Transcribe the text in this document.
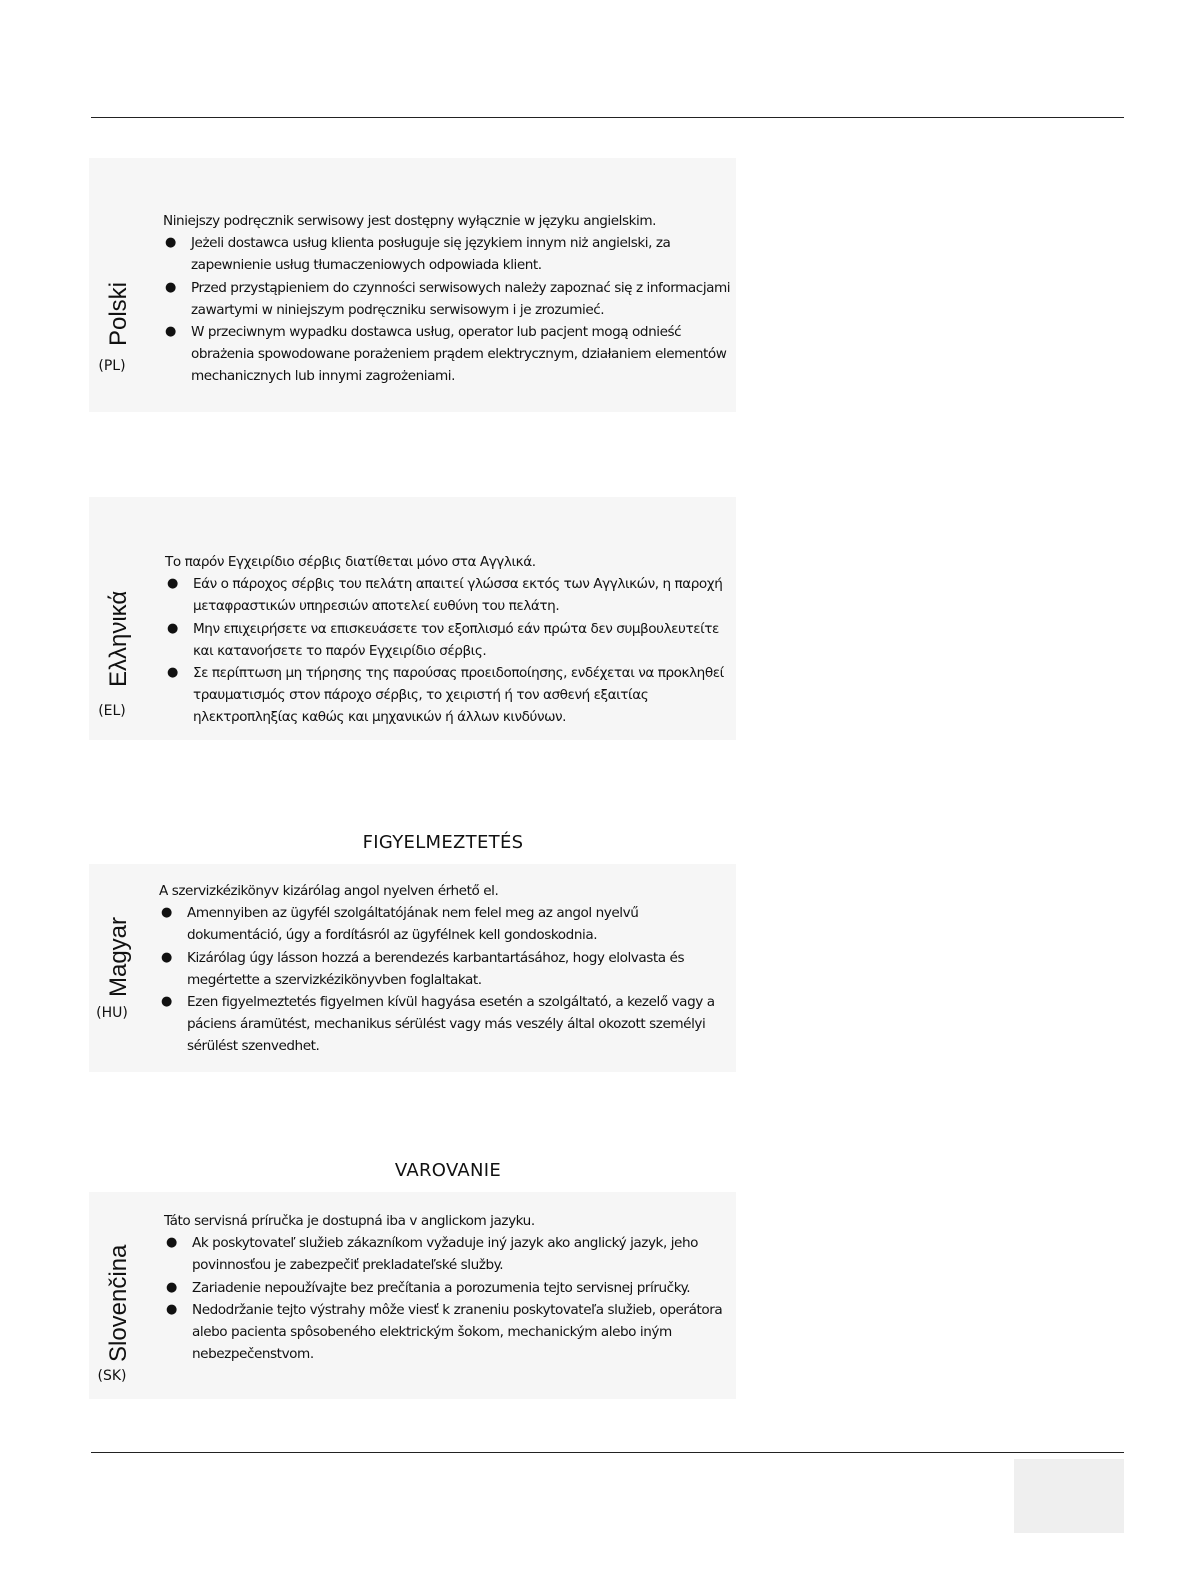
Polski
(PL)

Niniejszy podręcznik serwisowy jest dostępny wyłącznie w języku angielskim.

● Jeżeli dostawca usług klienta posługuje się językiem innym niż angielski, za zapewnienie usług tłumaczeniowych odpowiada klient.
● Przed przystąpieniem do czynności serwisowych należy zapoznać się z informacjami zawartymi w niniejszym podręczniku serwisowym i je zrozumieć.
● W przeciwnym wypadku dostawca usług, operator lub pacjent mogą odnieść obrażenia spowodowane porażeniem prądem elektrycznym, działaniem elementów mechanicznych lub innymi zagrożeniami.
Ελληνικά
(EL)

Το παρόν Εγχειρίδιο σέρβις διατίθεται μόνο στα Αγγλικά.

● Εάν ο πάροχος σέρβις του πελάτη απαιτεί γλώσσα εκτός των Αγγλικών, η παροχή μεταφραστικών υπηρεσιών αποτελεί ευθύνη του πελάτη.
● Μην επιχειρήσετε να επισκευάσετε τον εξοπλισμό εάν πρώτα δεν συμβουλευτείτε και κατανοήσετε το παρόν Εγχειρίδιο σέρβις.
● Σε περίπτωση μη τήρησης της παρούσας προειδοποίησης, ενδέχεται να προκληθεί τραυματισμός στον πάροχο σέρβις, το χειριστή ή τον ασθενή εξαιτίας ηλεκτροπληξίας καθώς και μηχανικών ή άλλων κινδύνων.
FIGYELMEZTETÉS
Magyar
(HU)

A szervizkézikönyv kizárólag angol nyelven érhető el.

● Amennyiben az ügyfél szolgáltatójának nem felel meg az angol nyelvű dokumentáció, úgy a fordításról az ügyfélnek kell gondoskodnia.
● Kizárólag úgy lásson hozzá a berendezés karbantartásához, hogy elolvasta és megértette a szervizkézikönyvben foglaltakat.
● Ezen figyelmeztetés figyelmen kívül hagyása esetén a szolgáltató, a kezelő vagy a páciens áramütést, mechanikus sérülést vagy más veszély által okozott személyi sérülést szenvedhet.
VAROVANIE
Slovenčina
(SK)

Táto servisná príručka je dostupná iba v anglickom jazyku.

● Ak poskytovateľ služieb zákazníkom vyžaduje iný jazyk ako anglický jazyk, jeho povinnosťou je zabezpečiť prekladateľské služby.
● Zariadenie nepoužívajte bez prečítania a porozumenia tejto servisnej príručky.
● Nedodržanie tejto výstrahy môže viesť k zraneniu poskytovateľa služieb, operátora alebo pacienta spôsobeného elektrickým šokom, mechanickým alebo iným nebezpečenstvom.
